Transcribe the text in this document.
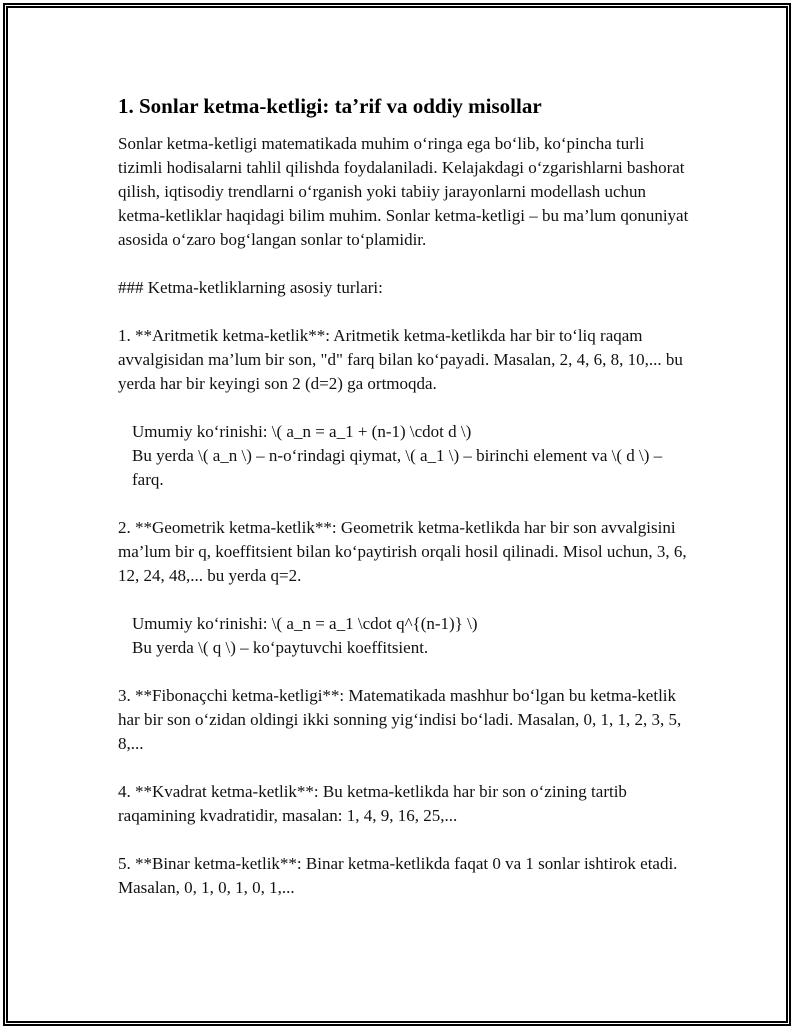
1. Sonlar ketma-ketligi: ta’rif va oddiy misollar

Sonlar ketma-ketligi matematikada muhim o‘ringa ega bo‘lib, ko‘pincha turli tizimli hodisalarni tahlil qilishda foydalaniladi. Kelajakdagi o‘zgarishlarni bashorat qilish, iqtisodiy trendlarni o‘rganish yoki tabiiy jarayonlarni modellash uchun ketma-ketliklar haqidagi bilim muhim. Sonlar ketma-ketligi – bu ma’lum qonuniyat asosida o‘zaro bog‘langan sonlar to‘plamidir.

### Ketma-ketliklarning asosiy turlari:

1. **Aritmetik ketma-ketlik**: Aritmetik ketma-ketlikda har bir to‘liq raqam avvalgisidan ma’lum bir son, "d" farq bilan ko‘payadi. Masalan, 2, 4, 6, 8, 10,... bu yerda har bir keyingi son 2 (d=2) ga ortmoqda.

Umumiy ko‘rinishi: \( a_n = a_1 + (n-1) \cdot d \)

Bu yerda \( a_n \) – n-o‘rindagi qiymat, \( a_1 \) – birinchi element va \( d \) – farq.

2. **Geometrik ketma-ketlik**: Geometrik ketma-ketlikda har bir son avvalgisini ma’lum bir q, koeffitsient bilan ko‘paytirish orqali hosil qilinadi. Misol uchun, 3, 6, 12, 24, 48,... bu yerda q=2.

Umumiy ko‘rinishi: \( a_n = a_1 \cdot q^{(n-1)} \)

Bu yerda \( q \) – ko‘paytuvchi koeffitsient.

3. **Fibonaçchi ketma-ketligi**: Matematikada mashhur bo‘lgan bu ketma-ketlik har bir son o‘zidan oldingi ikki sonning yig‘indisi bo‘ladi. Masalan, 0, 1, 1, 2, 3, 5, 8,...

4. **Kvadrat ketma-ketlik**: Bu ketma-ketlikda har bir son o‘zining tartib raqamining kvadratidir, masalan: 1, 4, 9, 16, 25,...

5. **Binar ketma-ketlik**: Binar ketma-ketlikda faqat 0 va 1 sonlar ishtirok etadi. Masalan, 0, 1, 0, 1, 0, 1,...
